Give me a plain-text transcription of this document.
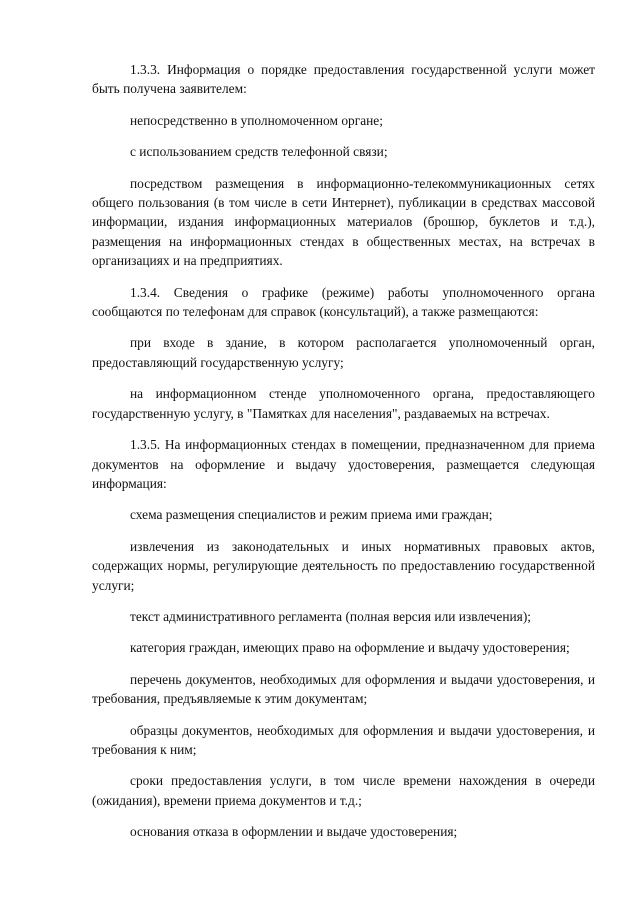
1.3.3. Информация о порядке предоставления государственной услуги может быть получена заявителем:

непосредственно в уполномоченном органе;

с использованием средств телефонной связи;

посредством размещения в информационно-телекоммуникационных сетях общего пользования (в том числе в сети Интернет), публикации в средствах массовой информации, издания информационных материалов (брошюр, буклетов и т.д.), размещения на информационных стендах в общественных местах, на встречах в организациях и на предприятиях.

1.3.4. Сведения о графике (режиме) работы уполномоченного органа сообщаются по телефонам для справок (консультаций), а также размещаются:

при входе в здание, в котором располагается уполномоченный орган, предоставляющий государственную услугу;

на информационном стенде уполномоченного органа, предоставляющего государственную услугу, в "Памятках для населения", раздаваемых на встречах.

1.3.5. На информационных стендах в помещении, предназначенном для приема документов на оформление и выдачу удостоверения, размещается следующая информация:

схема размещения специалистов и режим приема ими граждан;

извлечения из законодательных и иных нормативных правовых актов, содержащих нормы, регулирующие деятельность по предоставлению государственной услуги;

текст административного регламента (полная версия или извлечения);

категория граждан, имеющих право на оформление и выдачу удостоверения;

перечень документов, необходимых для оформления и выдачи удостоверения, и требования, предъявляемые к этим документам;

образцы документов, необходимых для оформления и выдачи удостоверения, и требования к ним;

сроки предоставления услуги, в том числе времени нахождения в очереди (ожидания), времени приема документов и т.д.;

основания отказа в оформлении и выдаче удостоверения;
